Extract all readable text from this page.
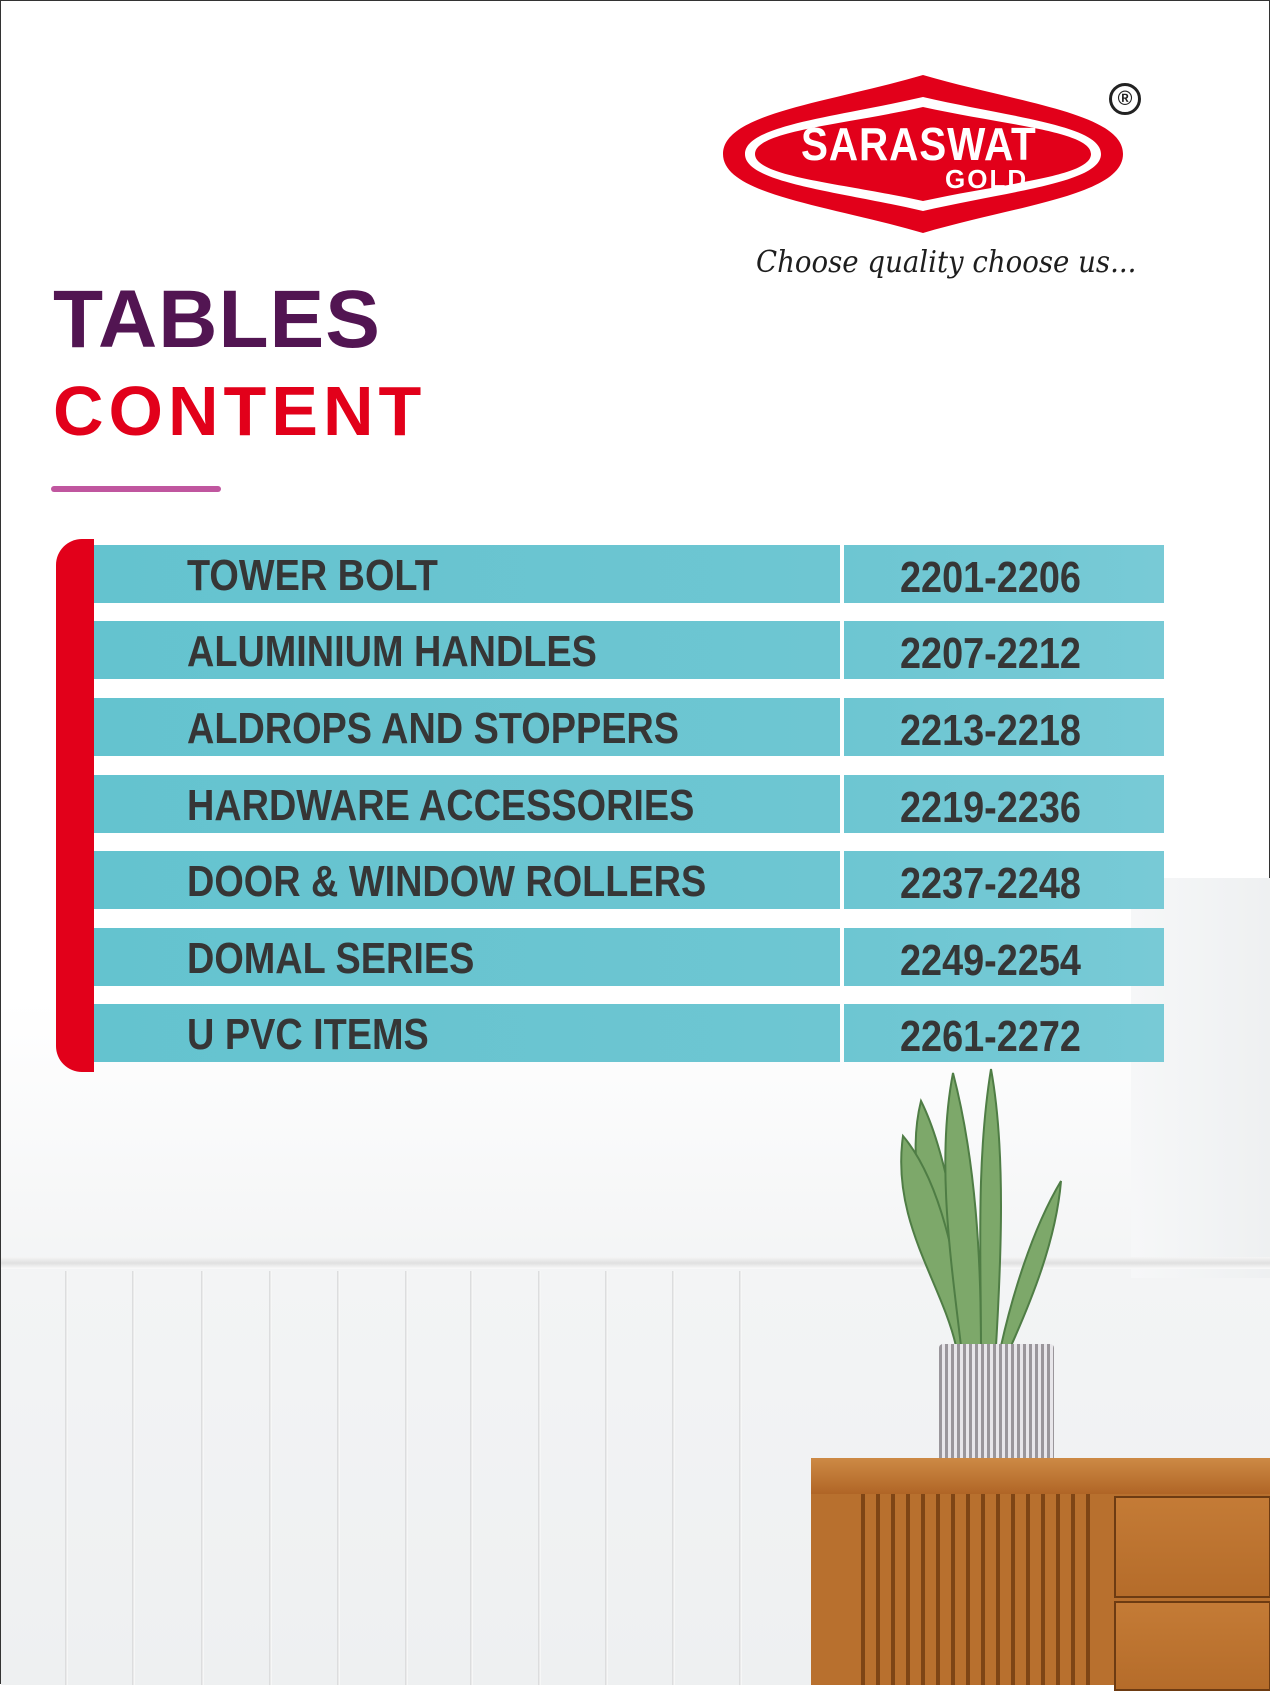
SARASWAT
GOLD
®
Choose quality choose us...
TABLES
CONTENT
TOWER BOLT	2201-2206
ALUMINIUM HANDLES	2207-2212
ALDROPS AND STOPPERS	2213-2218
HARDWARE ACCESSORIES	2219-2236
DOOR & WINDOW ROLLERS	2237-2248
DOMAL SERIES	2249-2254
U PVC ITEMS	2261-2272
